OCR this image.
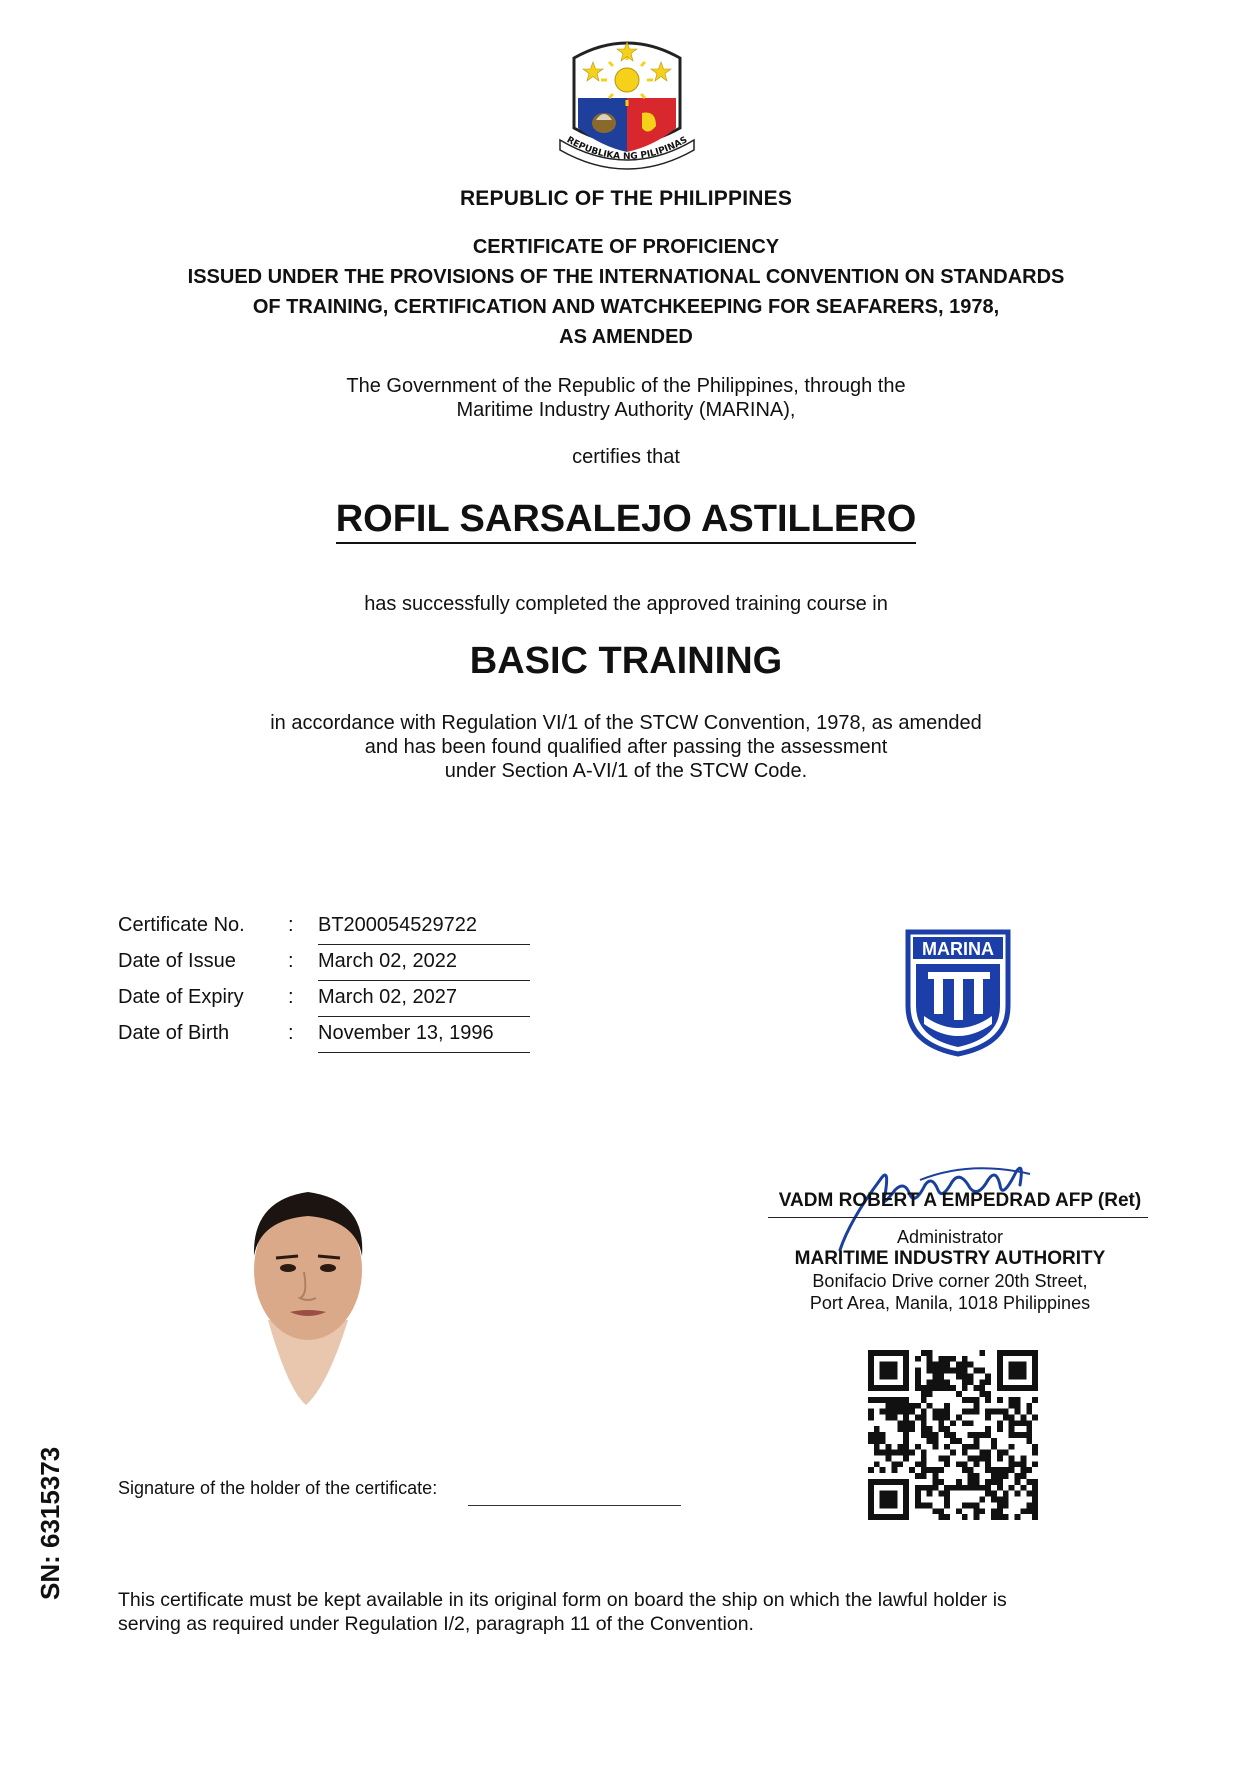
REPUBLIKA NG PILIPINAS
REPUBLIC OF THE PHILIPPINES
CERTIFICATE OF PROFICIENCY
ISSUED UNDER THE PROVISIONS OF THE INTERNATIONAL CONVENTION ON STANDARDS
OF TRAINING, CERTIFICATION AND WATCHKEEPING FOR SEAFARERS, 1978,
AS AMENDED
The Government of the Republic of the Philippines, through the
Maritime Industry Authority (MARINA),
certifies that
ROFIL SARSALEJO ASTILLERO
has successfully completed the approved training course in
BASIC TRAINING
in accordance with Regulation VI/1 of the STCW Convention, 1978, as amended
and has been found qualified after passing the assessment
under Section A-VI/1 of the STCW Code.
Certificate No. : BT200054529722
Date of Issue	: March 02, 2022
Date of Expiry : March 02, 2027
Date of Birth	: November 13, 1996
MARINA
VADM ROBERT A EMPEDRAD AFP (Ret)
Administrator
MARITIME INDUSTRY AUTHORITY
Bonifacio Drive corner 20th Street,
Port Area, Manila, 1018 Philippines
Signature of the holder of the certificate:
SN: 6315373	This certificate must be kept available in its original form on board the ship on which the lawful holder is
serving as required under Regulation I/2, paragraph 11 of the Convention.
